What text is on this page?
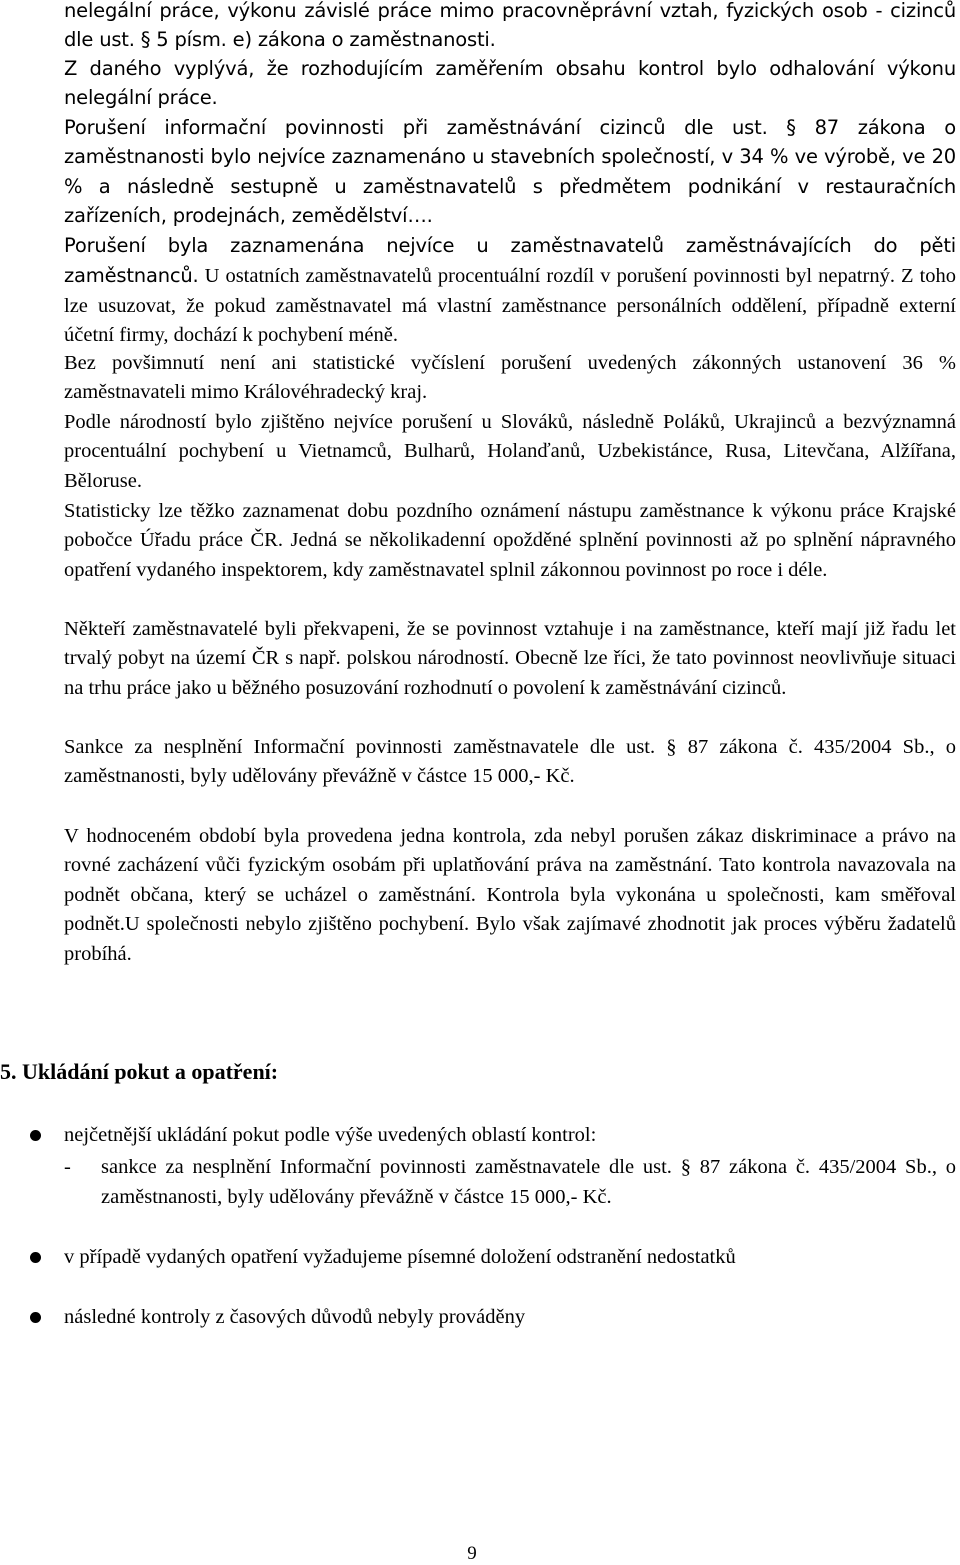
nelegální práce, výkonu závislé práce mimo pracovněprávní vztah, fyzických osob - cizinců dle ust. § 5 písm. e) zákona o zaměstnanosti.

Z daného vyplývá, že rozhodujícím zaměřením obsahu kontrol bylo odhalování výkonu nelegální práce.

Porušení informační povinnosti při zaměstnávání cizinců dle ust. § 87 zákona o zaměstnanosti bylo nejvíce zaznamenáno u stavebních společností, v 34 % ve výrobě, ve 20 % a následně sestupně u zaměstnavatelů s předmětem podnikání v restauračních zařízeních, prodejnách, zemědělství….

Porušení byla zaznamenána nejvíce u zaměstnavatelů zaměstnávajících do pěti zaměstnanců. U ostatních zaměstnavatelů procentuální rozdíl v porušení povinnosti byl nepatrný. Z toho lze usuzovat, že pokud zaměstnavatel má vlastní zaměstnance personálních oddělení, případně externí účetní firmy, dochází k pochybení méně.

Bez povšimnutí není ani statistické vyčíslení porušení uvedených zákonných ustanovení 36 % zaměstnavateli mimo Královéhradecký kraj.

Podle národností bylo zjištěno nejvíce porušení u Slováků, následně Poláků, Ukrajinců a bezvýznamná procentuální pochybení u Vietnamců, Bulharů, Holanďanů, Uzbekistánce, Rusa, Litevčana, Alžířana, Běloruse.

Statisticky lze těžko zaznamenat dobu pozdního oznámení nástupu zaměstnance k výkonu práce Krajské pobočce Úřadu práce ČR. Jedná se několikadenní opožděné splnění povinnosti až po splnění nápravného opatření vydaného inspektorem, kdy zaměstnavatel splnil zákonnou povinnost po roce i déle.

Někteří zaměstnavatelé byli překvapeni, že se povinnost vztahuje i na zaměstnance, kteří mají již řadu let trvalý pobyt na území ČR s např. polskou národností. Obecně lze říci, že tato povinnost neovlivňuje situaci na trhu práce jako u běžného posuzování rozhodnutí o povolení k zaměstnávání cizinců.

Sankce za nesplnění Informační povinnosti zaměstnavatele dle ust. § 87 zákona č. 435/2004 Sb., o zaměstnanosti, byly udělovány převážně v částce 15 000,- Kč.

V hodnoceném období byla provedena jedna kontrola, zda nebyl porušen zákaz diskriminace a právo na rovné zacházení vůči fyzickým osobám při uplatňování práva na zaměstnání. Tato kontrola navazovala na podnět občana, který se ucházel o zaměstnání. Kontrola byla vykonána u společnosti, kam směřoval podnět.U společnosti nebylo zjištěno pochybení. Bylo však zajímavé zhodnotit jak proces výběru žadatelů probíhá.

5. Ukládání pokut a opatření:
nejčetnější ukládání pokut podle výše uvedených oblastí kontrol:
- sankce za nesplnění Informační povinnosti zaměstnavatele dle ust. § 87 zákona č. 435/2004 Sb., o zaměstnanosti, byly udělovány převážně v částce 15 000,- Kč.
v případě vydaných opatření vyžadujeme písemné doložení odstranění nedostatků
následné kontroly z časových důvodů nebyly prováděny
9
